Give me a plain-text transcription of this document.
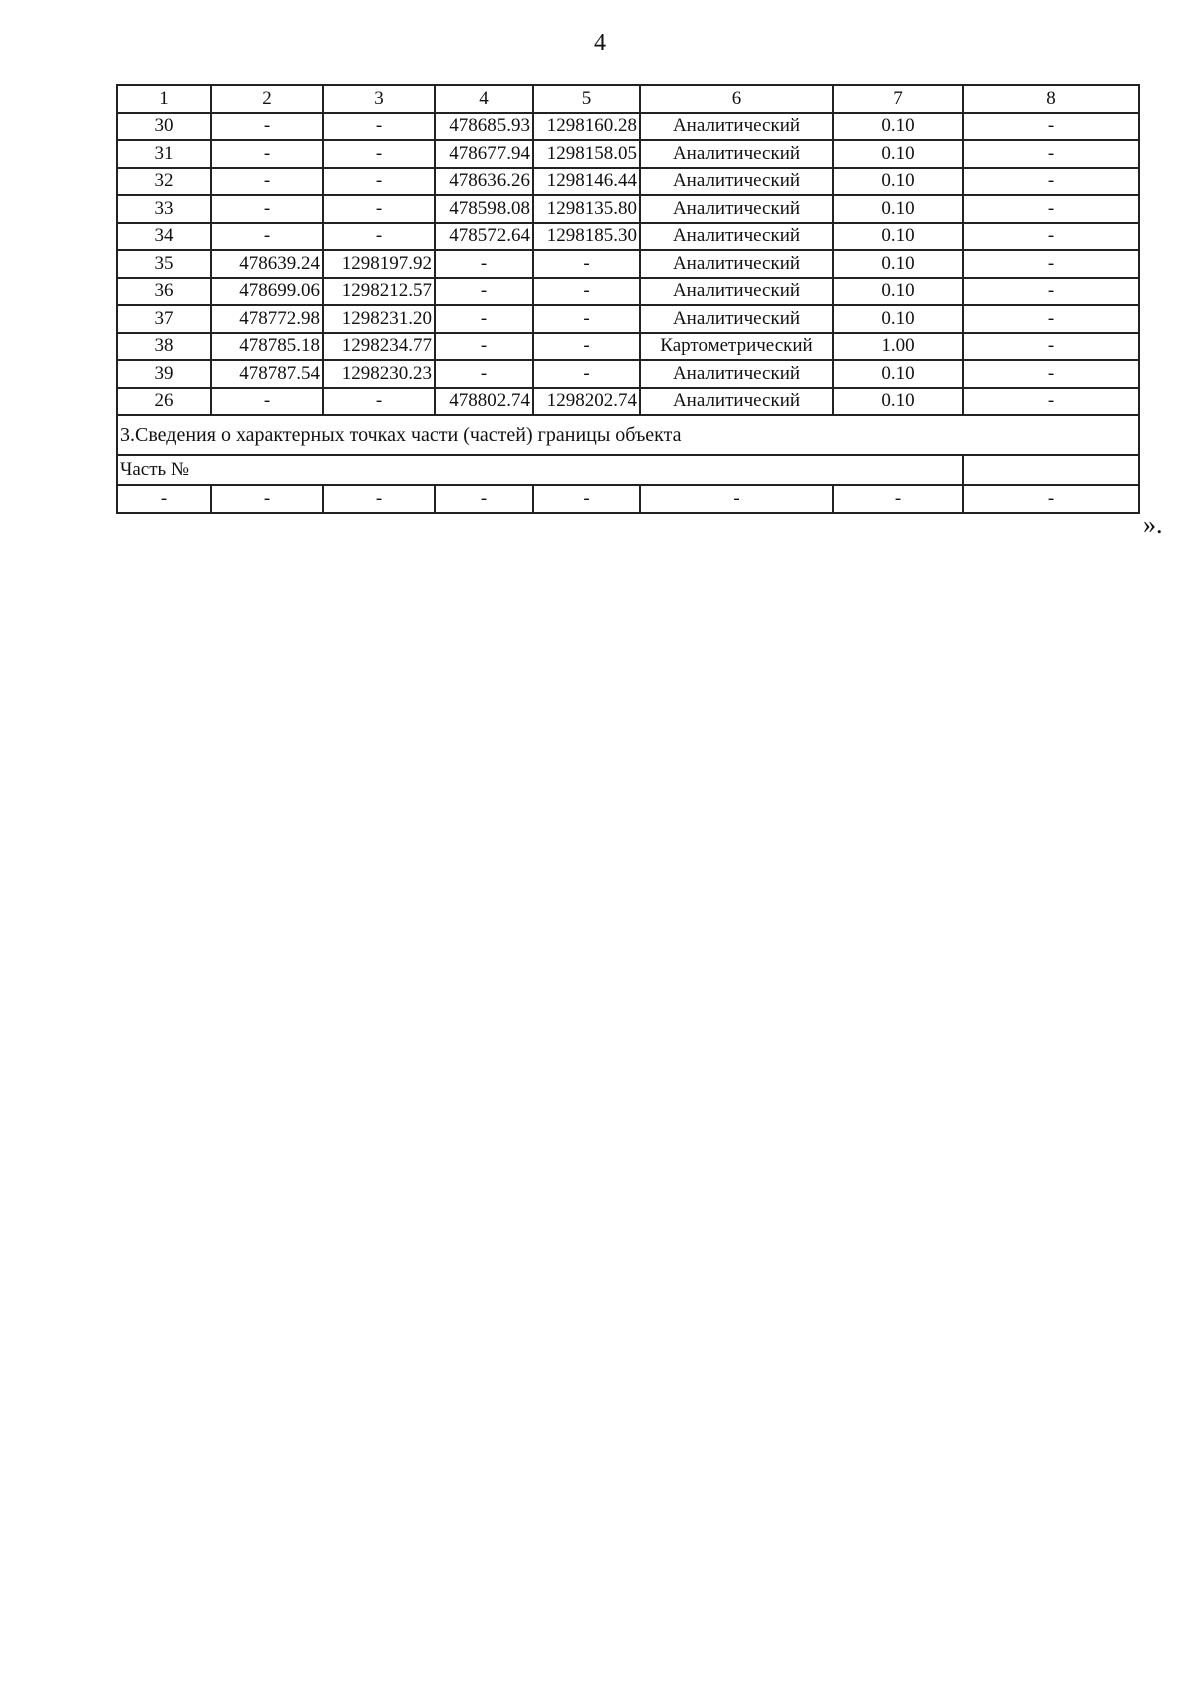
4
1	2	3	4	5	6	7	8
30	-	-	478685.93	1298160.28	Аналитический	0.10	-
31	-	-	478677.94	1298158.05	Аналитический	0.10	-
32	-	-	478636.26	1298146.44	Аналитический	0.10	-
33	-	-	478598.08	1298135.80	Аналитический	0.10	-
34	-	-	478572.64	1298185.30	Аналитический	0.10	-
35	478639.24	1298197.92	-	-	Аналитический	0.10	-
36	478699.06	1298212.57	-	-	Аналитический	0.10	-
37	478772.98	1298231.20	-	-	Аналитический	0.10	-
38	478785.18	1298234.77	-	-	Картометрический	1.00	-
39	478787.54	1298230.23	-	-	Аналитический	0.10	-
26	-	-	478802.74	1298202.74	Аналитический	0.10	-
3.Сведения о характерных точках части (частей) границы объекта							
Часть №							
-	-	-	-	-	-	-	-
».
